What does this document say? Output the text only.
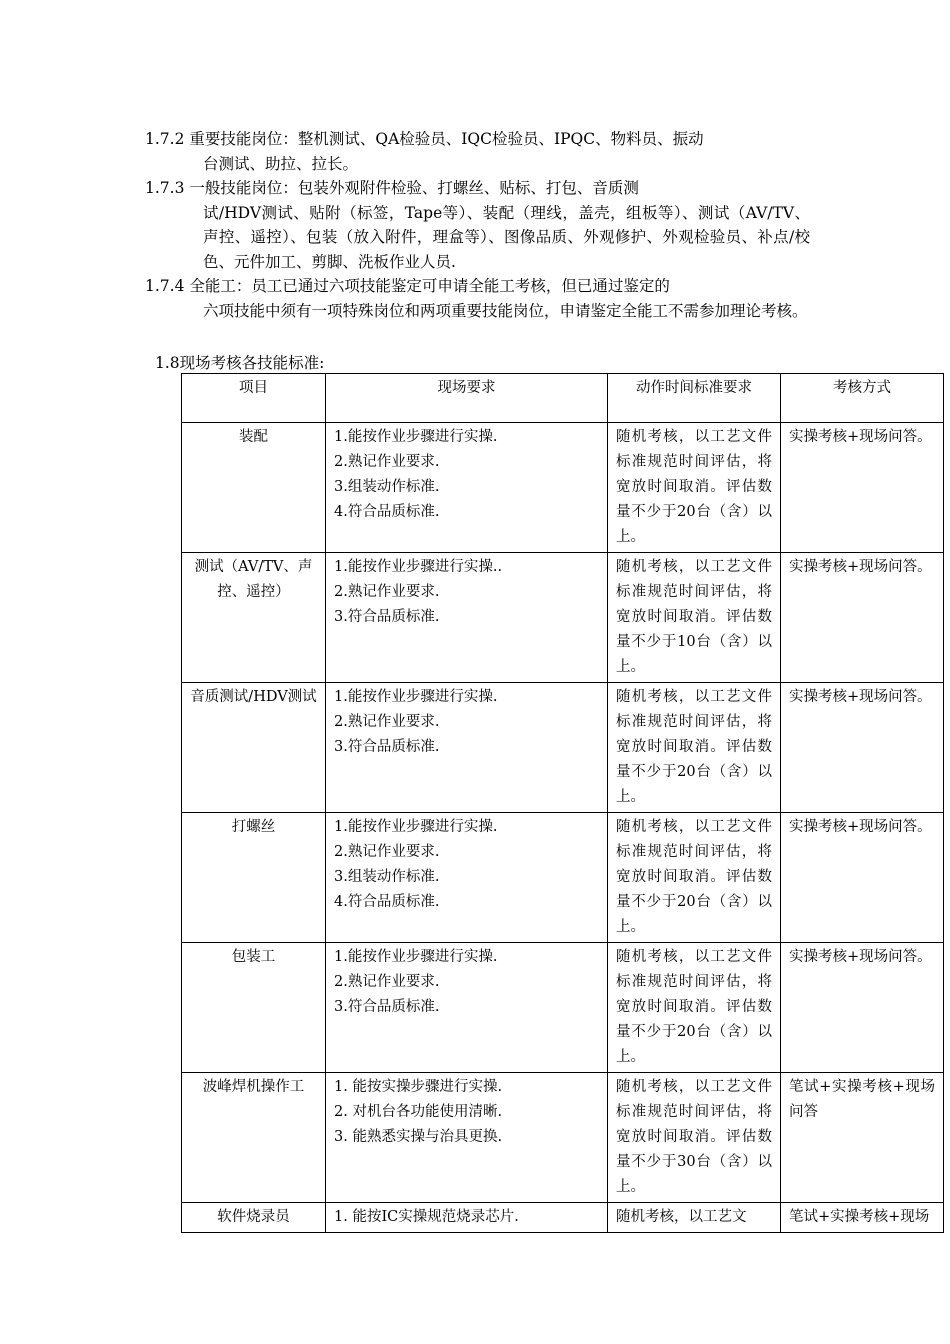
1.7.2 重要技能岗位：整机测试、QA检验员、IQC检验员、IPQC、物料员、振动
台测试、助拉、拉长。
1.7.3 一般技能岗位：包装外观附件检验、打螺丝、贴标、打包、音质测
试/HDV测试、贴附（标签，Tape等）、装配（理线，盖壳，组板等）、测试（AV/TV、声控、遥控）、包装（放入附件，理盒等）、图像品质、外观修护、外观检验员、补点/校色、元件加工、剪脚、洗板作业人员.
1.7.4 全能工：员工已通过六项技能鉴定可申请全能工考核，但已通过鉴定的
六项技能中须有一项特殊岗位和两项重要技能岗位，申请鉴定全能工不需参加理论考核。
1.8现场考核各技能标准:
项目	现场要求	动作时间标准要求	考核方式
装配	1.能按作业步骤进行实操.
2.熟记作业要求.
3.组装动作标准.
4.符合品质标准.	随机考核，以工艺文件标准规范时间评估，将宽放时间取消。评估数量不少于20台（含）以上。	实操考核+现场问答。
测试（AV/TV、声控、遥控）	1.能按作业步骤进行实操..
2.熟记作业要求.
3.符合品质标准.	随机考核，以工艺文件标准规范时间评估，将宽放时间取消。评估数量不少于10台（含）以上。	实操考核+现场问答。
音质测试/HDV测试	1.能按作业步骤进行实操.
2.熟记作业要求.
3.符合品质标准.	随机考核，以工艺文件标准规范时间评估，将宽放时间取消。评估数量不少于20台（含）以上。	实操考核+现场问答。
打螺丝	1.能按作业步骤进行实操.
2.熟记作业要求.
3.组装动作标准.
4.符合品质标准.	随机考核，以工艺文件标准规范时间评估，将宽放时间取消。评估数量不少于20台（含）以上。	实操考核+现场问答。
包装工	1.能按作业步骤进行实操.
2.熟记作业要求.
3.符合品质标准.	随机考核，以工艺文件标准规范时间评估，将宽放时间取消。评估数量不少于20台（含）以上。	实操考核+现场问答。
波峰焊机操作工	1. 能按实操步骤进行实操.
2. 对机台各功能使用清晰.
3. 能熟悉实操与治具更换.	随机考核，以工艺文件标准规范时间评估，将宽放时间取消。评估数量不少于30台（含）以上。	笔试+实操考核+现场问答
软件烧录员	1. 能按IC实操规范烧录芯片.	随机考核，以工艺文	笔试+实操考核+现场
